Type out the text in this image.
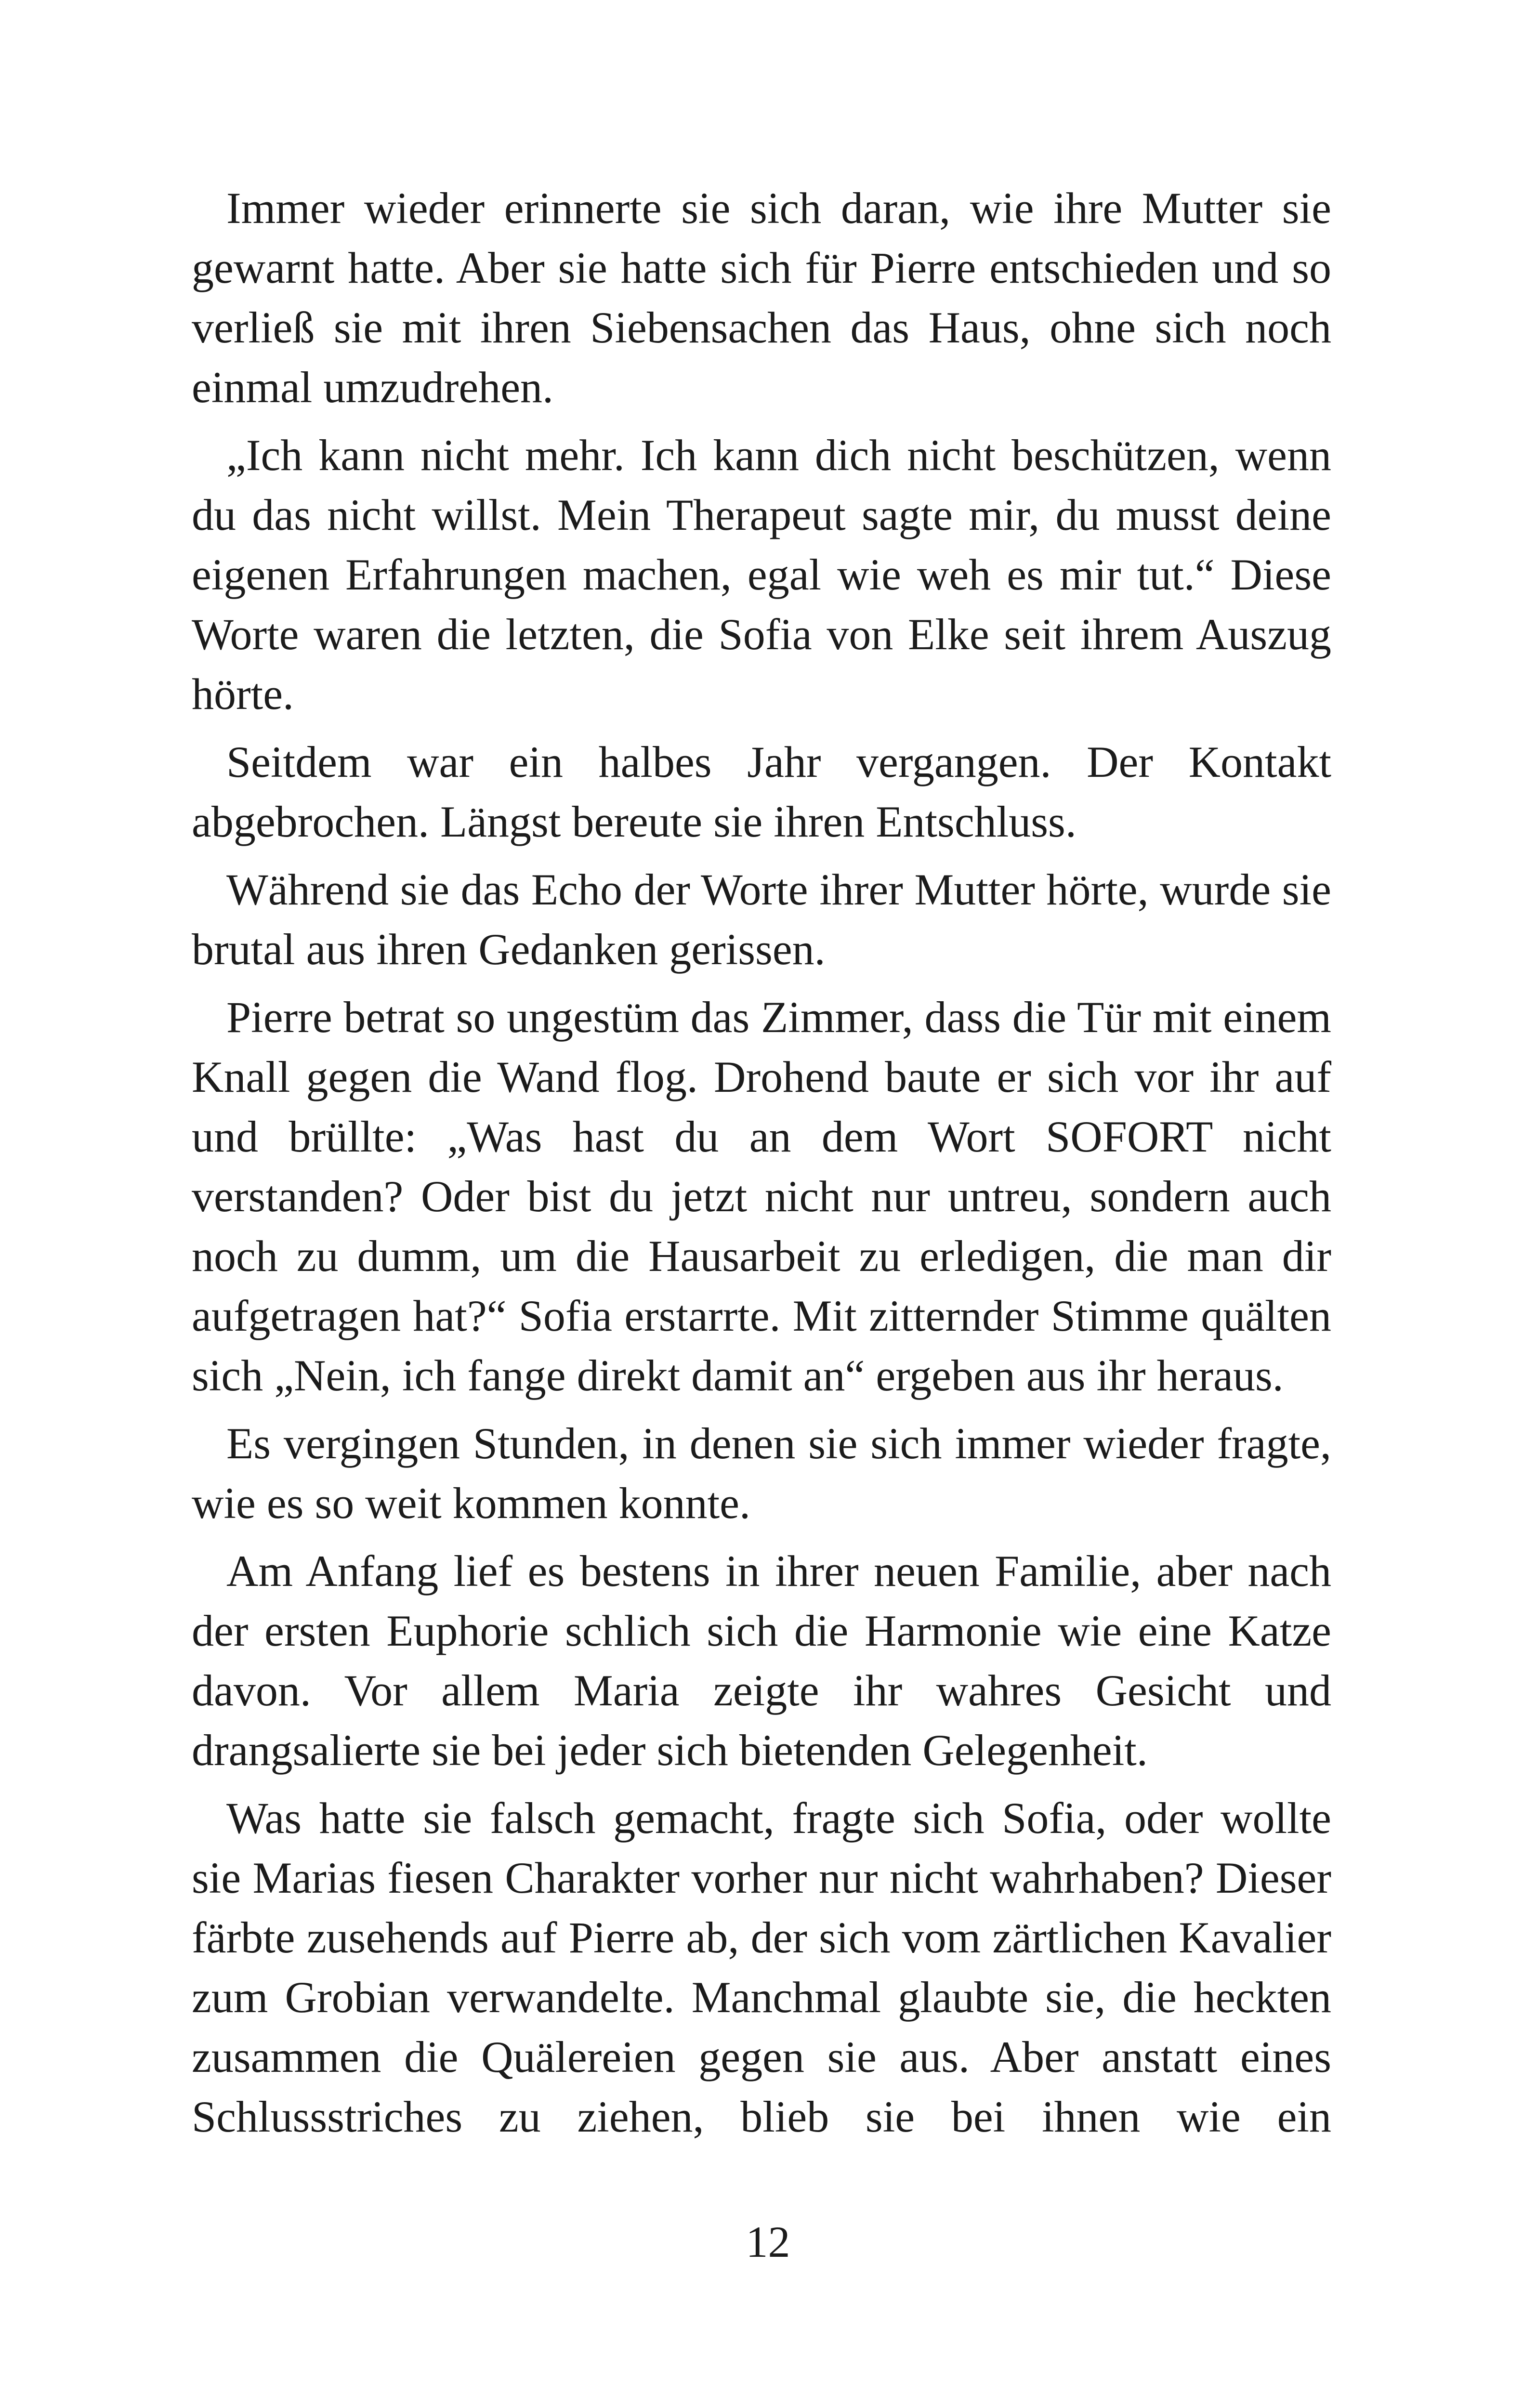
Immer wieder erinnerte sie sich daran, wie ihre Mutter sie gewarnt hatte. Aber sie hatte sich für Pierre entschieden und so verließ sie mit ihren Siebensachen das Haus, ohne sich noch einmal umzudrehen.

„Ich kann nicht mehr. Ich kann dich nicht beschützen, wenn du das nicht willst. Mein Therapeut sagte mir, du musst deine eigenen Erfahrungen machen, egal wie weh es mir tut.“ Diese Worte waren die letzten, die Sofia von Elke seit ihrem Auszug hörte.

Seitdem war ein halbes Jahr vergangen. Der Kontakt abgebrochen. Längst bereute sie ihren Entschluss.

Während sie das Echo der Worte ihrer Mutter hörte, wurde sie brutal aus ihren Gedanken gerissen.

Pierre betrat so ungestüm das Zimmer, dass die Tür mit einem Knall gegen die Wand flog. Drohend baute er sich vor ihr auf und brüllte: „Was hast du an dem Wort SOFORT nicht verstanden? Oder bist du jetzt nicht nur untreu, sondern auch noch zu dumm, um die Hausarbeit zu erledigen, die man dir aufgetragen hat?“ Sofia erstarrte. Mit zitternder Stimme quälten sich „Nein, ich fange direkt damit an“ ergeben aus ihr heraus.

Es vergingen Stunden, in denen sie sich immer wieder fragte, wie es so weit kommen konnte.

Am Anfang lief es bestens in ihrer neuen Familie, aber nach der ersten Euphorie schlich sich die Harmonie wie eine Katze davon. Vor allem Maria zeigte ihr wahres Gesicht und drangsalierte sie bei jeder sich bietenden Gelegenheit.

Was hatte sie falsch gemacht, fragte sich Sofia, oder wollte sie Marias fiesen Charakter vorher nur nicht wahrhaben? Dieser färbte zusehends auf Pierre ab, der sich vom zärtlichen Kavalier zum Grobian verwandelte. Manchmal glaubte sie, die heckten zusammen die Quälereien gegen sie aus. Aber anstatt eines Schlussstriches zu ziehen, blieb sie bei ihnen wie ein

12
